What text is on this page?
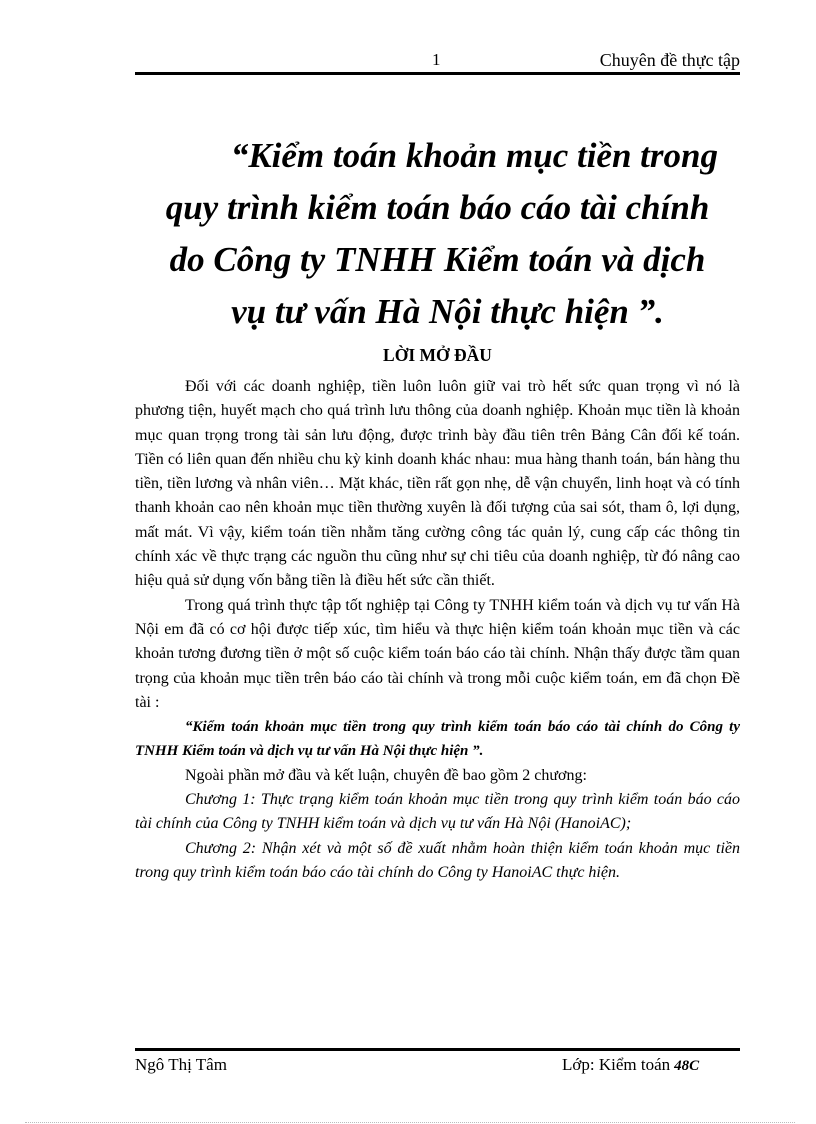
1	Chuyên đề thực tập
“Kiểm toán khoản mục tiền trong
quy trình kiểm toán báo cáo tài chính
do Công ty TNHH Kiểm toán và dịch
vụ tư vấn Hà Nội thực hiện ”.
LỜI MỞ ĐẦU

Đối với các doanh nghiệp, tiền luôn luôn giữ vai trò hết sức quan trọng vì nó là phương tiện, huyết mạch cho quá trình lưu thông của doanh nghiệp. Khoản mục tiền là khoản mục quan trọng trong tài sản lưu động, được trình bày đầu tiên trên Bảng Cân đối kế toán. Tiền có liên quan đến nhiều chu kỳ kinh doanh khác nhau: mua hàng thanh toán, bán hàng thu tiền, tiền lương và nhân viên… Mặt khác, tiền rất gọn nhẹ, dễ vận chuyển, linh hoạt và có tính thanh khoản cao nên khoản mục tiền thường xuyên là đối tượng của sai sót, tham ô, lợi dụng, mất mát. Vì vậy, kiểm toán tiền nhằm tăng cường công tác quản lý, cung cấp các thông tin chính xác về thực trạng các nguồn thu cũng như sự chi tiêu của doanh nghiệp, từ đó nâng cao hiệu quả sử dụng vốn bằng tiền là điều hết sức cần thiết.

Trong quá trình thực tập tốt nghiệp tại Công ty TNHH kiểm toán và dịch vụ tư vấn Hà Nội em đã có cơ hội được tiếp xúc, tìm hiểu và thực hiện kiểm toán khoản mục tiền và các khoản tương đương tiền ở một số cuộc kiểm toán báo cáo tài chính. Nhận thấy được tầm quan trọng của khoản mục tiền trên báo cáo tài chính và trong mỗi cuộc kiểm toán, em đã chọn Đề tài :

“Kiểm toán khoản mục tiền trong quy trình kiểm toán báo cáo tài chính do Công ty TNHH Kiểm toán và dịch vụ tư vấn Hà Nội thực hiện ”.

Ngoài phần mở đầu và kết luận, chuyên đề bao gồm 2 chương:

Chương 1: Thực trạng kiểm toán khoản mục tiền trong quy trình kiểm toán báo cáo tài chính của Công ty TNHH kiểm toán và dịch vụ tư vấn Hà Nội (HanoiAC);

Chương 2: Nhận xét và một số đề xuất nhằm hoàn thiện kiểm toán khoản mục tiền trong quy trình kiểm toán báo cáo tài chính do Công ty HanoiAC thực hiện.

Ngô Thị Tâm	Lớp: Kiểm toán 48C
